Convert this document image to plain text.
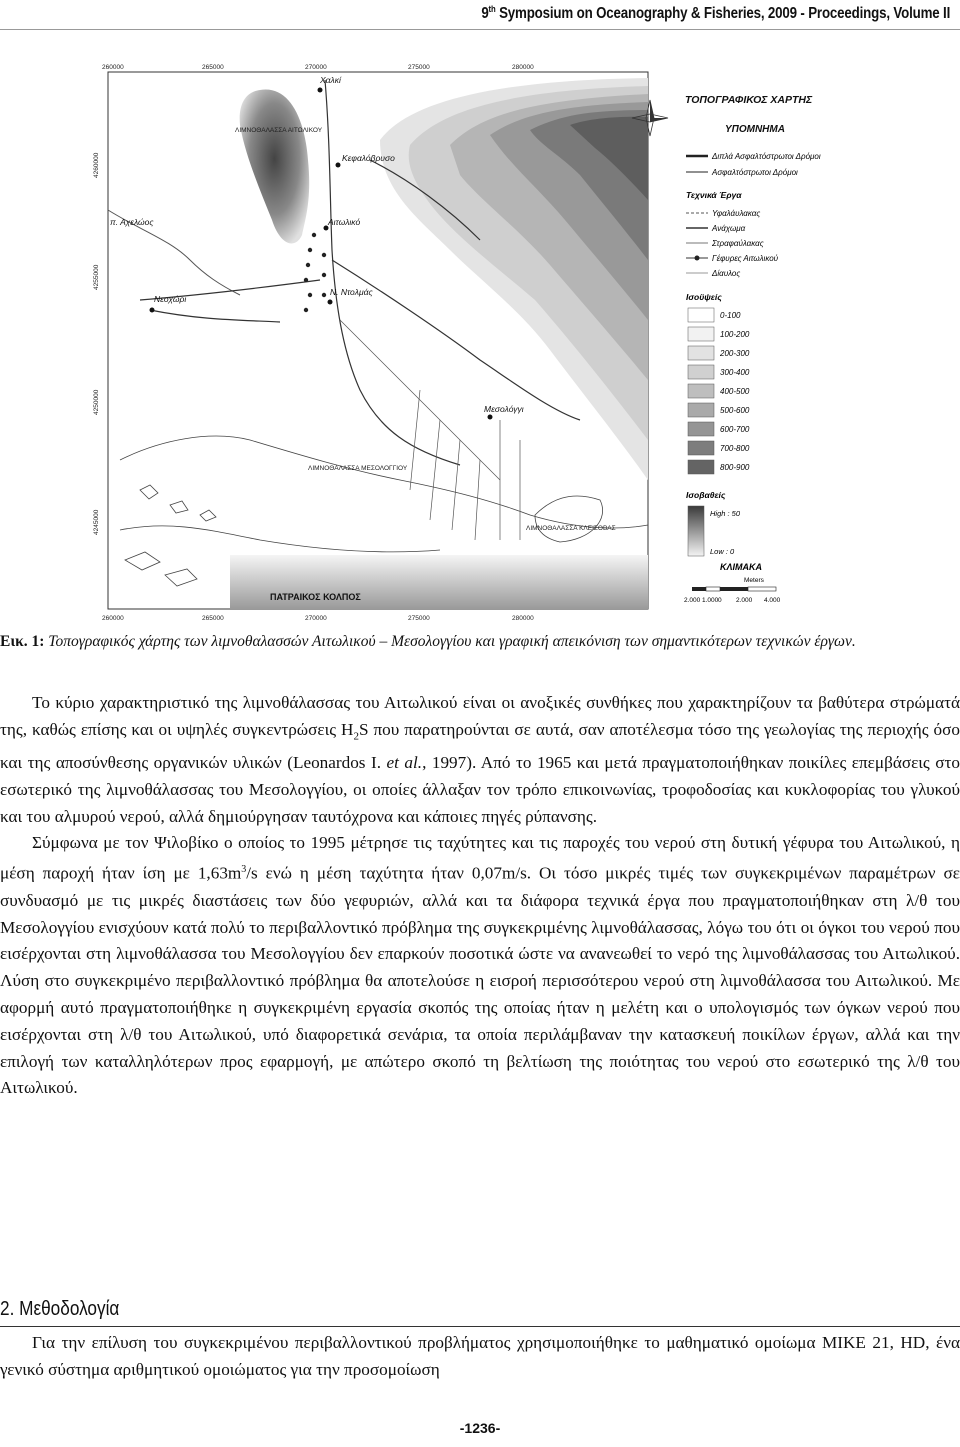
9th Symposium on Oceanography & Fisheries, 2009 - Proceedings, Volume II
Χαλκί
Κεφαλόβρυσο
π. Αχελώος	Αιτωλικό
Νεοχώρι
Ν. Ντολμάς
Μεσολόγγι
ΛΙΜΝΟΘΑΛΑΣΣΑ ΑΙΤΩΛΙΚΟΥ
ΛΙΜΝΟΘΑΛΑΣΣΑ ΜΕΣΟΛΟΓΓΙΟΥ
ΛΙΜΝΟΘΑΛΑΣΣΑ ΚΛΕΙΣΟΒΑΣ
ΠΑΤΡΑΙΚΟΣ ΚΟΛΠΟΣ
260000	265000	270000	275000	280000
260000	265000	270000	275000	280000
4260000
4255000
4250000
4245000
ΤΟΠΟΓΡΑΦΙΚΟΣ ΧΑΡΤΗΣ
ΥΠΟΜΝΗΜΑ
Διπλά Ασφαλτόστρωτοι Δρόμοι
Ασφαλτόστρωτοι Δρόμοι
Τεχνικά Έργα
Υφαλάυλακας
Ανάχωμα
Στραφαύλακας
Γέφυρες Αιτωλικού
Δίαυλος
Ισοϋψείς
0-100
100-200
200-300
300-400
400-500
500-600
600-700
700-800
800-900
Ισοβαθείς
High : 50
Low : 0
ΚΛΙΜΑΚΑ
Meters
2.000 1.000 0 2.000 4.000
Εικ. 1: Τοπογραφικός χάρτης των λιμνοθαλασσών Αιτωλικού – Μεσολογγίου και γραφική απεικόνιση των σημαντικότερων τεχνικών έργων.

Το κύριο χαρακτηριστικό της λιμνοθάλασσας του Αιτωλικού είναι οι ανοξικές συνθήκες που χαρακτηρίζουν τα βαθύτερα στρώματά της, καθώς επίσης και οι υψηλές συγκεντρώσεις $H_2S$ που παρατηρούνται σε αυτά, σαν αποτέλεσμα τόσο της γεωλογίας της περιοχής όσο και της αποσύνθεσης οργανικών υλικών (Leonardos I. et al., 1997). Από το 1965 και μετά πραγματοποιήθηκαν ποικίλες επεμβάσεις στο εσωτερικό της λιμνοθάλασσας του Μεσολογγίου, οι οποίες άλλαξαν τον τρόπο επικοινωνίας, τροφοδοσίας και κυκλοφορίας του γλυκού και του αλμυρού νερού, αλλά δημιούργησαν ταυτόχρονα και κάποιες πηγές ρύπανσης.

Σύμφωνα με τον Ψιλοβίκο ο οποίος το 1995 μέτρησε τις ταχύτητες και τις παροχές του νερού στη δυτική γέφυρα του Αιτωλικού, η μέση παροχή ήταν ίση με $1,63m^3/s$ ενώ η μέση ταχύτητα ήταν 0,07m/s. Οι τόσο μικρές τιμές των συγκεκριμένων παραμέτρων σε συνδυασμό με τις μικρές διαστάσεις των δύο γεφυριών, αλλά και τα διάφορα τεχνικά έργα που πραγματοποιήθηκαν στη λ/θ του Μεσολογγίου ενισχύουν κατά πολύ το περιβαλλοντικό πρόβλημα της συγκεκριμένης λιμνοθάλασσας, λόγω του ότι οι όγκοι του νερού που εισέρχονται στη λιμνοθάλασσα του Μεσολογγίου δεν επαρκούν ποσοτικά ώστε να ανανεωθεί το νερό της λιμνοθάλασσας του Αιτωλικού. Λύση στο συγκεκριμένο περιβαλλοντικό πρόβλημα θα αποτελούσε η εισροή περισσότερου νερού στη λιμνοθάλασσα του Αιτωλικού. Με αφορμή αυτό πραγματοποιήθηκε η συγκεκριμένη εργασία σκοπός της οποίας ήταν η μελέτη και ο υπολογισμός των όγκων νερού που εισέρχονται στη λ/θ του Αιτωλικού, υπό διαφορετικά σενάρια, τα οποία περιλάμβαναν την κατασκευή ποικίλων έργων, αλλά και την επιλογή των καταλληλότερων προς εφαρμογή, με απώτερο σκοπό τη βελτίωση της ποιότητας του νερού στο εσωτερικό της λ/θ του Αιτωλικού.

2. Μεθοδολογία

Για την επίλυση του συγκεκριμένου περιβαλλοντικού προβλήματος χρησιμοποιήθηκε το μαθηματικό ομοίωμα MIKE 21, HD, ένα γενικό σύστημα αριθμητικού ομοιώματος για την προσομοίωση

-1236-
